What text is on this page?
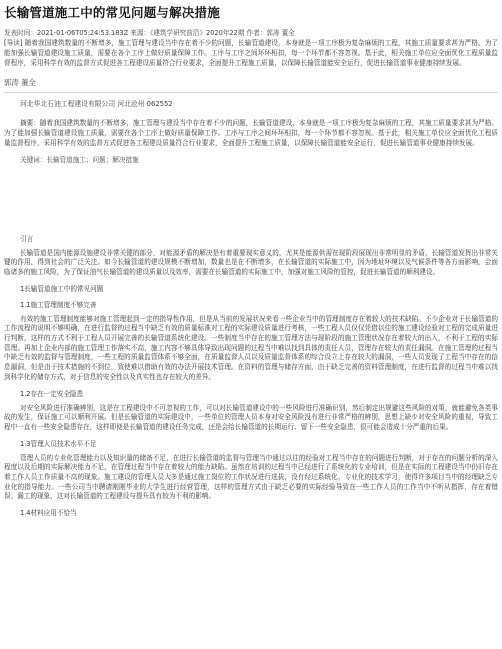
长输管道施工中的常见问题与解决措施
发表时间：2021-01-06T05:24:53.183Z 来源：《建筑学研究前沿》2020年22期 作者：郭涛 董全
[导读] 随着我国建筑数量的不断增多，施工管理与建设当中存在着不少的问题，长输管道建设，本身就是一项工序极为复杂麻烦的工程，其施工质量要求甚为严格。为了能加强长输管道建设施工质量，需要在各个工序上做好质量保障工作。工序与工序之间环环相扣，每一个环节都不容忽视。基于此，相关施工单位应全面优化工程质量监督程序，采用科学有效的监督方式促进各工程建设质量符合行业要求，全面提升工程施工质量，以保障长输管道能安全运行，促进长输管道事业健康持续发展。
郭涛 董全
河北华北石油工程建设有限公司 河北沧州 062552
摘要：随着我国建筑数量的不断增多，施工管理与建设当中存在着不少的问题，长输管道建设，本身就是一项工序极为复杂麻烦的工程，其施工质量要求甚为严格。为了能加强长输管道建设施工质量，需要在各个工序上做好质量保障工作。工序与工序之间环环相扣，每一个环节都不容忽视。基于此，相关施工单位应全面优化工程质量监督程序，采用科学有效的监督方式促进各工程建设质量符合行业要求，全面提升工程施工质量，以保障长输管道能安全运行，促进长输管道事业健康持续发展。
关键词：长输管道施工；问题；解决措施
引言
长输管道是国内能源设施建设非常关键的部分，对能源矛盾的解决是有着重要现实意义的，尤其是能源供需在现阶段展现出非常明显的矛盾，长输管道发挥出非常关键的作用，得到社会的广泛关注。如今长输管道的建设规模不断增加，数量也是在不断增多，在长输管道的实际施工中，因为地址环境以及气候条件等各方面影响，会面临诸多的施工风险，为了保证油气长输管道的建设质量以及效率，需要在长输管道的实际施工中，加强对施工风险的管控，促进长输管道的顺利建设。
1长输管道施工中的常见问题
1.1施工管理制度不够完善
有效的施工管理制度能够对施工管理起到一定的指导性作用，但是从当前的发展状况来看一些企业当中的管理制度存在着较大的技术缺陷。不少企业对于长输管道的工作流程的说明不够明确，在进行监督的过程当中缺乏有效的质量标准对工程的实际建设质量进行考核，一些工程人员仅仅凭借以往的施工建设经验对工程的完成质量进行判断，这样的方式不利于工程人员开展完善的长输管道系统化建设。一些制度当中存在的施工管理方法与现阶段的施工管理状况存在着较大的出入，不利于工程的实际管理。再加上企业内部的施工管理工作落实不高，施工内容不够具体导致出现问题的过程当中难以找到具体的责任人员，管理存在较大的责任漏洞。在施工管理的过程当中缺乏有效的监督与管理制度，一些工程的质量监管体系不够全面，在质量监督人员以及质量监督体系的综合设立上存在较大的漏洞，一些人员发现了工程当中存在的信息漏洞，但是由于技术措施的不到位，致使难以借助有效的办法开展技术管理。在资料的管理与储存方面，由于缺乏完善的资料管理制度，在进行监督的过程当中难以找到科学化的储存方式，对于信息的安全性以及真实性也存在较大的差异。
1.2存在一定安全隐患
对安全风险进行准确辨别，这是在工程建设中不可忽视的工作，可以对长输管道建设中的一些风险进行准确识别，然后制定出规避这些风险的对策，就能避免各类事故的发生，保证施工可以顺利开展。但是长输管道的实际建设中，一些单位的管理人员本身对安全风险没有进行非常严格的辨别，思想上缺少对安全风险的重视，导致工程中一直有一些安全隐患存在，这样即便是长输管道的建设任务完成，还是会给长输管道的长期运行、留下一些安全隐患，很可能会造成十分严重的后果。
1.3管理人员技术水平不足
管理人员的专业化管理能力以及知识量的储备不足，在进行长输管道的监督与管理当中通过以往的经验对工程当中存在的问题进行判断，对于存在的问题分析的深入程度以及后期的实际解决能力不足，在管理过程当中存在着较大的能力缺陷。虽然在培训的过程当中已经进行了系统化的专业培训，但是在实际的工程建设当中仍旧存在着工作人员工作质量不高的现象。施工建设的管理人员大多是通过施工岗位的工作状况进行选拔，没有经过系统化、专业化的技术学习，使得许多项目当中的经理缺乏专业化的指导能力。一些公司当中聘请刚刚毕业的大学生进行经营管理，这样的管理方式由于缺乏必要的实际经验导致在一些工作人员的工作当中不听从指挥，存在着错误、漏工的现象，这对长输管道的工程建设与提升具有较为不利的影响。
1.4材料应用不恰当
